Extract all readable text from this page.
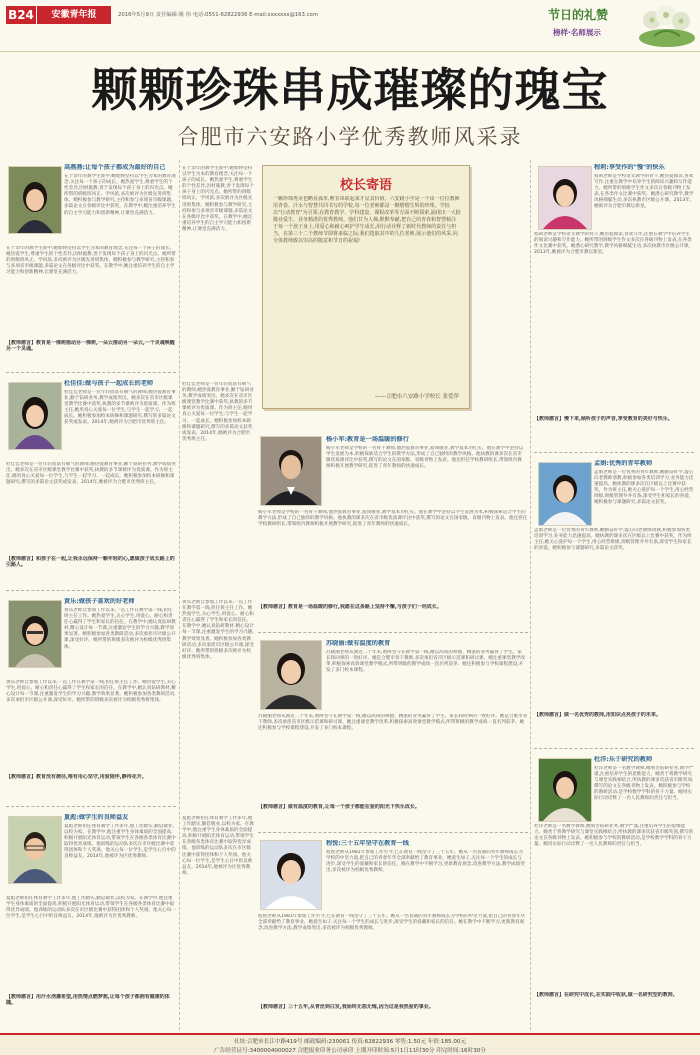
B24	安徽青年报	2016年5月9日 责任编辑:姚 伟 电话:0551-62822936 E-mail:xxxxxxx@163.com	节日的礼赞
榜样·名师展示
颗颗珍珠串成璀璨的瑰宝
合肥市六安路小学优秀教师风采录
高燕燕:让每个孩子都成为最好的自己
在十余年的教学生涯中,她始终坚持以学生为本的教育理念,关注每一个孩子的成长。她热爱学生,尊重学生的个性差异,因材施教,善于发现每个孩子身上的闪光点。她所带的班级班风正、学风浓,多次被评为区级先进班集体。她积极参与教学研究,主持和参与多项省市级课题,多篇论文在各级评比中获奖。在教学中,她注重培养学生的自主学习能力和创新精神,让课堂充满活力。
在十余年的教学生涯中,她始终坚持以学生为本的教育理念,关注每一个孩子的成长。她热爱学生,尊重学生的个性差异,因材施教,善于发现每个孩子身上的闪光点。她所带的班级班风正、学风浓,多次被评为区级先进班集体。她积极参与教学研究,主持和参与多项省市级课题,多篇论文在各级评比中获奖。在教学中,她注重培养学生的自主学习能力和创新精神,让课堂充满活力。
【教师感言】教育是一棵树摇动另一棵树,一朵云推动另一朵云,一个灵魂唤醒另一个灵魂。
杜佳佳:做与孩子一起成长的老师
杜佳佳老师是一位年轻而富有朝气的教师,她热爱教育事业,勤于钻研业务,教学成绩突出。她多次在省市区级课堂教学比赛中获奖,执教的多节课被评为优质课。作为班主任,她用真心关爱每一位学生,与学生一起学习、一起成长。她积极参加校本研修和课题研究,撰写的多篇论文获奖或发表。2014年,她被评为合肥市优秀班主任。
杜佳佳老师是一位年轻而富有朝气的教师,她热爱教育事业,勤于钻研业务,教学成绩突出。她多次在省市区级课堂教学比赛中获奖,执教的多节课被评为优质课。作为班主任,她用真心关爱每一位学生,与学生一起学习、一起成长。她积极参加校本研修和课题研究,撰写的多篇论文获奖或发表。2014年,她被评为合肥市优秀班主任。
【教师感言】和孩子在一起,让我永远保持一颗年轻的心,愿做孩子成长路上的引路人。
黄乐:做孩子喜欢的好老师
黄乐老师自参加工作以来,一直工作在教学第一线,担任班主任工作。她热爱学生,关心学生,用爱心、耐心和责任心赢得了学生和家长的信任。在教学中,她认真钻研教材,精心设计每一节课,注重激发学生的学习兴趣,教学效果显著。她积极参加各类教研活动,多次承担市区级公开课,深受好评。她所带的班级多次被评为校级优秀班集体。
黄乐老师自参加工作以来,一直工作在教学第一线,担任班主任工作。她热爱学生,关心学生,用爱心、耐心和责任心赢得了学生和家长的信任。在教学中,她认真钻研教材,精心设计每一节课,注重激发学生的学习兴趣,教学效果显著。她积极参加各类教研活动,多次承担市区级公开课,深受好评。她所带的班级多次被评为校级优秀班集体。
【教师感言】教育没有捷径,唯有用心坚守,用爱陪伴,静待花开。
夏彪:做学生的良师益友
夏彪老师担任体育教学工作多年,他工作踏实,勤恳敬业,以校为家。在教学中,他注重学生身体素质的全面提高,积极开展阳光体育运动,带领学生在各级各类体育比赛中取得优异成绩。他训练的运动队多次在市区级比赛中获得团体和个人奖项。他关心每一位学生,是学生心目中的良师益友。2014年,他被评为区优秀教师。
夏彪老师担任体育教学工作多年,他工作踏实,勤恳敬业,以校为家。在教学中,他注重学生身体素质的全面提高,积极开展阳光体育运动,带领学生在各级各类体育比赛中取得优异成绩。他训练的运动队多次在市区级比赛中获得团体和个人奖项。他关心每一位学生,是学生心目中的良师益友。2014年,他被评为区优秀教师。
【教师感言】用汗水浇灌希望,用热情点燃梦想,让每个孩子都拥有健康的体魄。
校长寄语
一颗珍珠再美也略显孤单,唯有串联起来才显其价值。六安路小学是一个由一位位教师用青春、汗水与智慧共同书写的学校,每一位老师都是一颗熠熠生辉的珍珠。学校以"行动教育"为引领,在教育教学、学科建设、课程改革等方面不断探索,涌现出一大批敬业爱生、业务精湛的优秀教师。他们甘为人梯,默默奉献,把自己的青春和智慧倾注于每一个孩子身上,用爱心和耐心呵护学生成长,用行动诠释了新时代教师的责任与担当。在第三十二个教师节即将来临之际,我们选取其中的几位老师,展示他们的风采,向全体教师致以崇高的敬意和节日的祝福!
——合肥市六安路小学校长 张爱萍
杨小军:教育是一场温暖的修行
杨小军老师是学校的一名骨干教师,他热爱教育事业,爱岗敬业,教学基本功扎实。他在教学中坚持以学生发展为本,积极探索适合学生的教学方法,形成了自己独特的教学风格。他执教的课多次在省市级优质课评比中获奖,撰写的论文在国家级、省级刊物上发表。他还担任学校教研组长,带领组内教师积极开展教学研究,促进了青年教师的快速成长。
杨小军老师是学校的一名骨干教师,他热爱教育事业,爱岗敬业,教学基本功扎实。他在教学中坚持以学生发展为本,积极探索适合学生的教学方法,形成了自己独特的教学风格。他执教的课多次在省市级优质课评比中获奖,撰写的论文在国家级、省级刊物上发表。他还担任学校教研组长,带领组内教师积极开展教学研究,促进了青年教师的快速成长。
【教师感言】教育是一场温暖的修行,我愿在这条路上坚持不懈,与孩子们一同成长。
苏晓丽:做有温度的教育
苏晓丽老师从教近二十年来,始终坚守在教学第一线,她以高尚的师德、精湛的业务赢得了学生、家长和同事的一致好评。她是合肥市骨干教师,多次承担省市区级示范课和研讨课。她注重课堂教学改革,积极探索高效课堂教学模式,所带班级的教学成绩一直名列前茅。她还积极参与学校课程建设,开发了多门校本课程。
苏晓丽老师从教近二十年来,始终坚守在教学第一线,她以高尚的师德、精湛的业务赢得了学生、家长和同事的一致好评。她是合肥市骨干教师,多次承担省市区级示范课和研讨课。她注重课堂教学改革,积极探索高效课堂教学模式,所带班级的教学成绩一直名列前茅。她还积极参与学校课程建设,开发了多门校本课程。
【教师感言】做有温度的教育,让每一个孩子都能在爱的阳光下快乐成长。
程悦:三十五年坚守在教育一线
程悦老师从1981年参加工作至今,已在教育一线坚守了三十五年。她从一名普通的青年教师成长为学校的中坚力量,把自己的青春年华全部奉献给了教育事业。她爱生如子,关注每一个学生的成长与进步,深受学生的爱戴和家长的信任。她在教学中不断学习,更新教育观念,改进教学方法,教学成绩突出,多次被评为校级优秀教师。
程悦老师从1981年参加工作至今,已在教育一线坚守了三十五年。她从一名普通的青年教师成长为学校的中坚力量,把自己的青春年华全部奉献给了教育事业。她爱生如子,关注每一个学生的成长与进步,深受学生的爱戴和家长的信任。她在教学中不断学习,更新教育观念,改进教学方法,教学成绩突出,多次被评为校级优秀教师。
【教师感言】三十五年,从青丝到白发,我始终无怨无悔,因为这是我热爱的事业。
在十余年的教学生涯中,她始终坚持以学生为本的教育理念,关注每一个孩子的成长。她热爱学生,尊重学生的个性差异,因材施教,善于发现每个孩子身上的闪光点。她所带的班级班风正、学风浓,多次被评为区级先进班集体。她积极参与教学研究,主持和参与多项省市级课题,多篇论文在各级评比中获奖。在教学中,她注重培养学生的自主学习能力和创新精神,让课堂充满活力。
杜佳佳老师是一位年轻而富有朝气的教师,她热爱教育事业,勤于钻研业务,教学成绩突出。她多次在省市区级课堂教学比赛中获奖,执教的多节课被评为优质课。作为班主任,她用真心关爱每一位学生,与学生一起学习、一起成长。她积极参加校本研修和课题研究,撰写的多篇论文获奖或发表。2014年,她被评为合肥市优秀班主任。
黄乐老师自参加工作以来,一直工作在教学第一线,担任班主任工作。她热爱学生,关心学生,用爱心、耐心和责任心赢得了学生和家长的信任。在教学中,她认真钻研教材,精心设计每一节课,注重激发学生的学习兴趣,教学效果显著。她积极参加各类教研活动,多次承担市区级公开课,深受好评。她所带的班级多次被评为校级优秀班集体。
夏彪老师担任体育教学工作多年,他工作踏实,勤恳敬业,以校为家。在教学中,他注重学生身体素质的全面提高,积极开展阳光体育运动,带领学生在各级各类体育比赛中取得优异成绩。他训练的运动队多次在市区级比赛中获得团体和个人奖项。他关心每一位学生,是学生心目中的良师益友。2014年,他被评为区优秀教师。
程莉:享受作的"慢"的快乐
程莉老师是学校语文教学的骨干,她热爱阅读,喜欢写作,注重在教学中培养学生的阅读兴趣和写作能力。她所带的班级学生作文多次在各级刊物上发表,在各类作文比赛中获奖。她潜心研究教学,教学风格细腻生动,多次执教市区级公开课。2013年,她被评为合肥市教坛新星。
程莉老师是学校语文教学的骨干,她热爱阅读,喜欢写作,注重在教学中培养学生的阅读兴趣和写作能力。她所带的班级学生作文多次在各级刊物上发表,在各类作文比赛中获奖。她潜心研究教学,教学风格细腻生动,多次执教市区级公开课。2013年,她被评为合肥市教坛新星。
【教师感言】慢下来,倾听孩子的声音,享受教育的美好与快乐。
孟娟:优秀的青年教师
孟娟老师是一位优秀的青年教师,她勤奋好学,虚心向老教师请教,积极参加各类培训学习,业务能力迅速提高。她执教的课多次在区级以上比赛中获奖。作为班主任,她关心爱护每一个学生,用心经营班级,班级管理井井有条,深受学生和家长的喜爱。她积极参与课题研究,多篇论文获奖。
孟娟老师是一位优秀的青年教师,她勤奋好学,虚心向老教师请教,积极参加各类培训学习,业务能力迅速提高。她执教的课多次在区级以上比赛中获奖。作为班主任,她关心爱护每一个学生,用心经营班级,班级管理井井有条,深受学生和家长的喜爱。她积极参与课题研究,多篇论文获奖。
【教师感言】做一名优秀的教师,用知识点亮孩子的未来。
杜洋:乐于研究的教师
杜洋老师是一名数学教师,她刻苦钻研业务,教学严谨,注重培养学生的思维能力。她善于将教学研究与课堂实践相结合,所执教的课多次获省市级奖项,撰写的论文在各级刊物上发表。她积极参与学校的教研活动,是学校数学学科的骨干力量。她用实际行动诠释了一名人民教师的责任与担当。
杜洋老师是一名数学教师,她刻苦钻研业务,教学严谨,注重培养学生的思维能力。她善于将教学研究与课堂实践相结合,所执教的课多次获省市级奖项,撰写的论文在各级刊物上发表。她积极参与学校的教研活动,是学校数学学科的骨干力量。她用实际行动诠释了一名人民教师的责任与担当。
【教师感言】在研究中成长,在实践中收获,做一名研究型的教师。
社址:合肥市长江中路419号 邮政编码:230061 传真:62822936 零售:1.50元 年价:185.00元
广告经营证号:3400004000027 合肥报业印务公司承印 上期开印时间:5月1日11时30分 印完时间:16时30分
